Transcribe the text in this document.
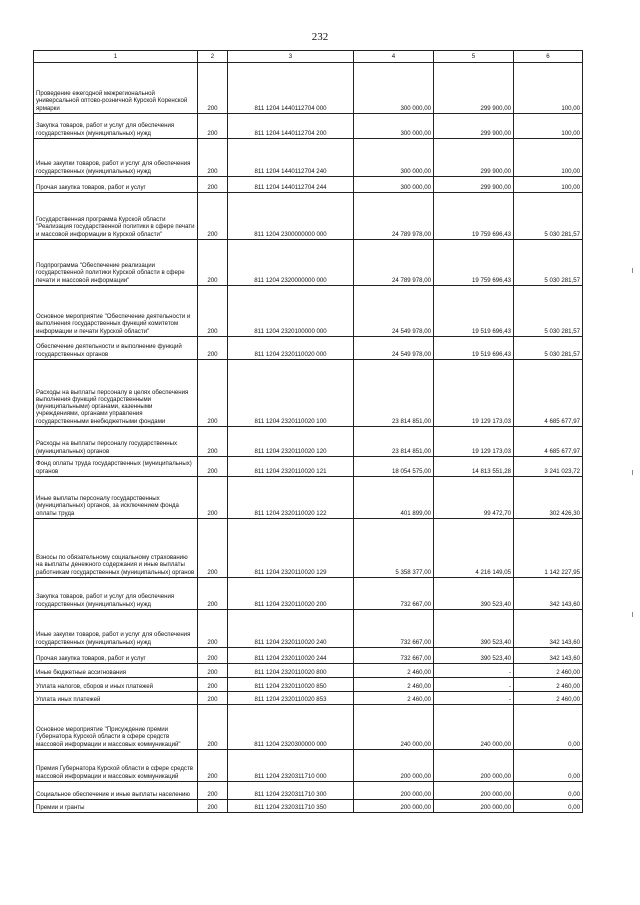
232
1	2	3	4	5	6
Проведение ежегодной межрегиональной универсальной оптово-розничной Курской Коренской ярмарки	200	811 1204 1440112704 000	300 000,00	299 900,00	100,00
Закупка товаров, работ и услуг для обеспечения государственных (муниципальных) нужд	200	811 1204 1440112704 200	300 000,00	299 900,00	100,00
Иные закупки товаров, работ и услуг для обеспечения государственных (муниципальных) нужд	200	811 1204 1440112704 240	300 000,00	299 900,00	100,00
Прочая закупка товаров, работ и услуг	200	811 1204 1440112704 244	300 000,00	299 900,00	100,00
Государственная программа Курской области "Реализация государственной политики в сфере печати и массовой информации в Курской области"	200	811 1204 2300000000 000	24 789 978,00	19 759 696,43	5 030 281,57
Подпрограмма "Обеспечение реализации государственной политики Курской области в сфере печати и массовой информации"	200	811 1204 2320000000 000	24 789 978,00	19 759 696,43	5 030 281,57
Основное мероприятие "Обеспечение деятельности и выполнения государственных функций комитетом информации и печати Курской области"	200	811 1204 2320100000 000	24 549 978,00	19 519 696,43	5 030 281,57
Обеспечение деятельности и выполнение функций государственных органов	200	811 1204 2320110020 000	24 549 978,00	19 519 696,43	5 030 281,57
Расходы на выплаты персоналу в целях обеспечения выполнения функций государственными (муниципальными) органами, казенными учреждениями, органами управления государственными внебюджетными фондами	200	811 1204 2320110020 100	23 814 851,00	19 129 173,03	4 685 677,97
Расходы на выплаты персоналу государственных (муниципальных) органов	200	811 1204 2320110020 120	23 814 851,00	19 129 173,03	4 685 677,97
Фонд оплаты труда государственных (муниципальных) органов	200	811 1204 2320110020 121	18 054 575,00	14 813 551,28	3 241 023,72
Иные выплаты персоналу государственных (муниципальных) органов, за исключением фонда оплаты труда	200	811 1204 2320110020 122	401 899,00	99 472,70	302 426,30
Взносы по обязательному социальному страхованию на выплаты денежного содержания и иные выплаты работникам государственных (муниципальных) органов	200	811 1204 2320110020 129	5 358 377,00	4 216 149,05	1 142 227,95
Закупка товаров, работ и услуг для обеспечения государственных (муниципальных) нужд	200	811 1204 2320110020 200	732 667,00	390 523,40	342 143,60
Иные закупки товаров, работ и услуг для обеспечения государственных (муниципальных) нужд	200	811 1204 2320110020 240	732 667,00	390 523,40	342 143,60
Прочая закупка товаров, работ и услуг	200	811 1204 2320110020 244	732 667,00	390 523,40	342 143,60
Иные бюджетные ассигнования	200	811 1204 2320110020 800	2 460,00	-	2 460,00
Уплата налогов, сборов и иных платежей	200	811 1204 2320110020 850	2 460,00	-	2 460,00
Уплата иных платежей	200	811 1204 2320110020 853	2 460,00	-	2 460,00
Основное мероприятие "Присуждение премии Губернатора Курской области в сфере средств массовой информации и массовых коммуникаций"	200	811 1204 2320300000 000	240 000,00	240 000,00	0,00
Премия Губернатора Курской области в сфере средств массовой информации и массовых коммуникаций	200	811 1204 2320311710 000	200 000,00	200 000,00	0,00
Социальное обеспечение и иные выплаты населению	200	811 1204 2320311710 300	200 000,00	200 000,00	0,00
Премии и гранты	200	811 1204 2320311710 350	200 000,00	200 000,00	0,00
